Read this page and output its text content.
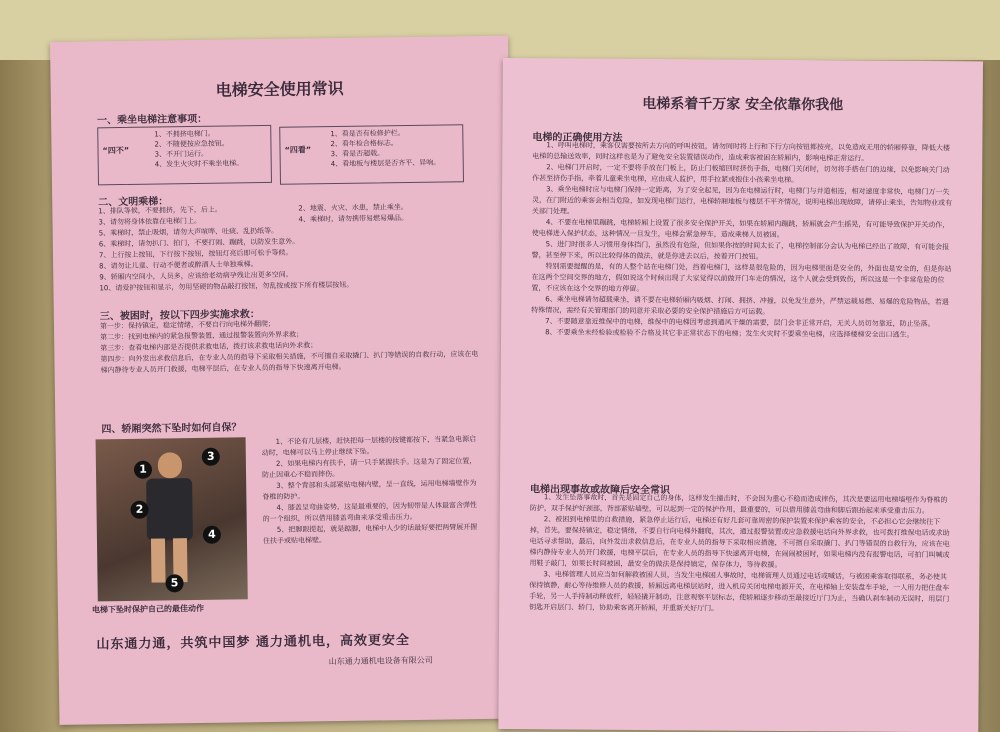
电梯安全使用常识
一、乘坐电梯注意事项：
“四不”
1、不拥挤电梯门。
2、不随便按应急按钮。
3、不开门运行。
4、发生火灾时不乘坐电梯。
“四看”
1、看是否有检修护栏。
2、看年检合格标志。
3、看是否超载。
4、看地板与楼层是否齐平、异响。
二、文明乘梯：
1、排队等候，不要拥挤，先下，后上。	2、地震、火灾、水患，禁止乘坐。
3、请勿将身体依靠在电梯门上。	4、乘梯时，请勿携带易燃易爆品。
5、乘梯时，禁止吸烟，请勿大声喧哗、吐痰、乱扔纸等。
6、乘梯时，请勿扒门、拍门，不要打闹、蹦跳，以防发生意外。
7、上行按上按钮，下行按下按钮，按钮灯亮后即可松手等候。
8、请勿让儿童、行动不便者或醉酒人士单独乘梯。
9、轿厢内空间小，人员多，应该给老幼病孕残让出更多空间。
10、请爱护按钮和显示，勿用坚硬的物品敲打按钮，勿乱按或按下所有楼层按钮。
三、被困时，按以下四步实施求救：
第一步：保持镇定，稳定情绪，不要自行向电梯外翻爬；
第二步：找到电梯内的紧急报警装置，通过报警装置向外界求救；
第三步：查看电梯内部是否提供求救电话，拨打该求救电话向外求救；
第四步：向外发出求救信息后，在专业人员的指导下采取相关措施，不可擅自采取撬门、扒门等错误的自救行动，应该在电梯内静待专业人员开门救援，电梯平层后，在专业人员的指导下快速离开电梯。
四、轿厢突然下坠时如何自保？
1
2
3
4
5
电梯下坠时保护自己的最佳动作

1、不论有几层楼，赶快把每一层楼的按键都按下，当紧急电源启动时，电梯可以马上停止继续下坠。

2、如果电梯内有扶手，请一只手紧握扶手。这是为了固定位置，防止因重心不稳而摔伤。

3、整个背部和头部紧贴电梯内壁，呈一直线，运用电梯墙壁作为脊椎的防护。

4、膝盖呈弯曲姿势，这是最重要的，因为韧带是人体最富含弹性的一个组织，所以借用膝盖弯曲来承受重击压力。

5、把脚跟提起，就是踮脚，电梯中人少的话最好要把两臂展开握住扶手或贴电梯壁。

山东通力通，共筑中国梦 通力通机电，高效更安全
山东通力通机电设备有限公司
电梯系着千万家 安全依靠你我他
电梯的正确使用方法

1、呼叫电梯时，乘客仅需要按所去方向的呼叫按钮，请勿同时将上行和下行方向按钮都按亮，以免造成无用的轿厢停靠，降低大楼电梯的总输送效率，同时这样也是为了避免安全装置错误动作，造成乘客被困在轿厢内，影响电梯正常运行。

2、电梯门开启时，一定不要将手放在门板上，防止门板缩回时挤伤手指，电梯门关闭时，切勿将手搭在门的边缘，以免影响关门动作甚至挤伤手指，牵着儿童乘坐电梯，应由成人监护，用手拉紧或抱住小孩乘坐电梯。

3、乘坐电梯时应与电梯门保持一定距离，为了安全起见，因为在电梯运行时，电梯门与井道相连，相对速度非常快，电梯门万一失灵，在门附近的乘客会相当危险，如发现电梯门运行，电梯轿厢地板与楼层不平齐情况，说明电梯出现故障，请停止乘坐，告知物业或有关部门处理。

4、不要在电梯里蹦跳，电梯轿厢上设置了很多安全保护开关，如果在轿厢内蹦跳，轿厢就会产生摇晃，有可能导致保护开关动作，使电梯进入保护状态，这种情况一旦发生，电梯会紧急停车，造成乘梯人员被困。

5、进门时很多人习惯用身体挡门，虽然没有危险，但如果你按的时间太长了，电梯控制部分会认为电梯已经出了故障，有可能会报警，甚至停下来，所以比较得体的做法，就是你进去以后，按着开门按钮。

特别需要提醒的是，有的人整个站在电梯门处，挡着电梯门，这样是很危险的，因为电梯里面是安全的，外面也是安全的，但是你站在这两个空间交界的地方，假如说这个时候出现了大家觉得以前做开门车走的情况，这个人就会受到致伤，所以这是一个非常危险的位置，不应该在这个交界的地方停留。

6、乘坐电梯请勿超载乘坐，请不要在电梯轿厢内吸烟、打闹、拥挤、冲撞，以免发生意外，严禁运载易燃、易爆的危险物品，若遇特殊情况，需经有关管理部门的同意并采取必要的安全保护措施后方可运载。

7、不要随意靠近维保中的电梯，维保中的电梯因考虑到通风干燥的需要，层门会非正常开启，无关人员切勿靠近，防止坠落。

8、不要乘坐未经检验或检验不合格及其它非正常状态下的电梯；发生火灾时不要乘坐电梯，应选择楼梯安全出口逃生。

电梯出现事故或故障后安全常识

1、发生坠落事故时，首先是固定自己的身体，这样发生撞击时，不会因为重心不稳而造成摔伤，其次是要运用电梯墙壁作为脊椎的防护，双手保护好颈部，背部紧贴墙壁，可以起到一定的保护作用，最重要的，可以借用膝盖弯曲和脚后跟抬起来承受重击压力。

2、被困到电梯里的自救措施，紧急停止运行后，电梯还有好几套可靠周密的保护装置来保护乘客的安全，不必担心它会继续往下掉，首先，要保持镇定，稳定情绪，不要自行向电梯外翻爬，其次，通过报警装置或应急救援电话向外界求救，也可拨打维保电话或求助电话寻求帮助，最后，向外发出求救信息后，在专业人员的指导下采取相应措施，不可擅自采取撬门、扒门等错误的自救行为，应该在电梯内静待专业人员开门救援，电梯平层后，在专业人员的指导下快速离开电梯，在闹闹被困时，如果电梯内没有报警电话，可拍门叫喊或用鞋子敲门，如果长时间被困，最安全的做法是保持镇定，保存体力，等待救援。

3、电梯管理人员应当如何解救被困人员，当发生电梯困人事故时，电梯管理人员通过电话或喊话，与被困乘客取得联系，务必使其保持镇静，耐心等待维修人员的救援，轿厢远离电梯层站时，进入机房关闭电梯电源开关，在电梯轴上安装盘车手轮，一人用力把住盘车手轮，另一人手持制动释放杆，轻轻撬开制动，注意观察平层标志，使轿厢逐步移动至最接近厅门为止，当确认刹车制动无误时，用层门钥匙开启层门、轿门，协助乘客离开轿厢，并重新关好厅门。
